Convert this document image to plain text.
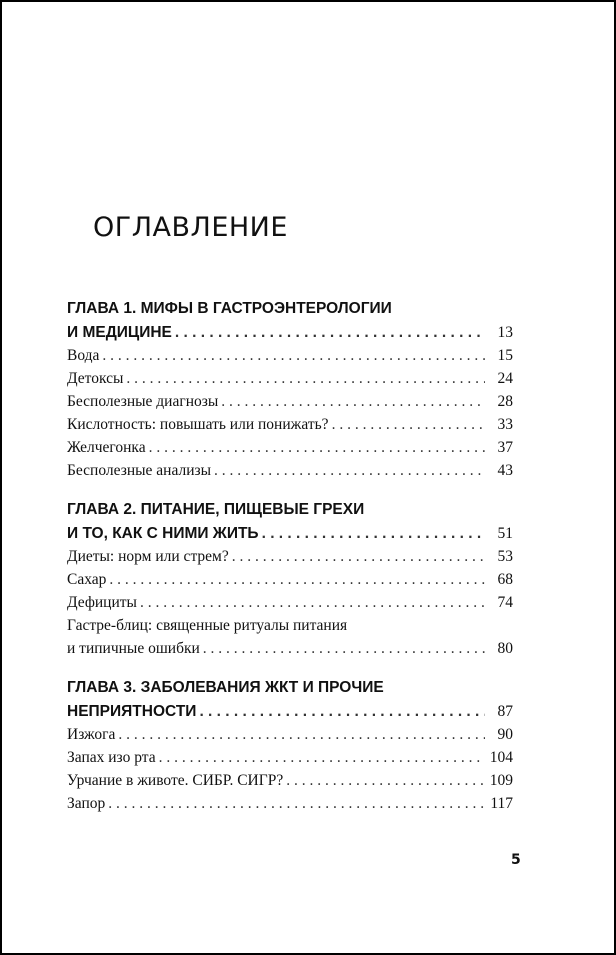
ОГЛАВЛЕНИЕ
ГЛАВА 1. МИФЫ В ГАСТРОЭНТЕРОЛОГИИ
И МЕДИЦИНЕ . . .	13
Вода . . .	15
Детоксы . . .	24
Бесполезные диагнозы . . .	28
Кислотность: повышать или понижать? . . .	33
Желчегонка . . .	37
Бесполезные анализы . . .	43
ГЛАВА 2. ПИТАНИЕ, ПИЩЕВЫЕ ГРЕХИ
И ТО, КАК С НИМИ ЖИТЬ . . .	51
Диеты: норм или стрем? . . .	53
Сахар . . .	68
Дефициты . . .	74
Гастре-блиц: священные ритуалы питания
и типичные ошибки . . .	80
ГЛАВА 3. ЗАБОЛЕВАНИЯ ЖКТ И ПРОЧИЕ
НЕПРИЯТНОСТИ . . .	87
Изжога . . .	90
Запах изо рта . . .	104
Урчание в животе. СИБР. СИГР? . . .	109
Запор . . .	117
5
